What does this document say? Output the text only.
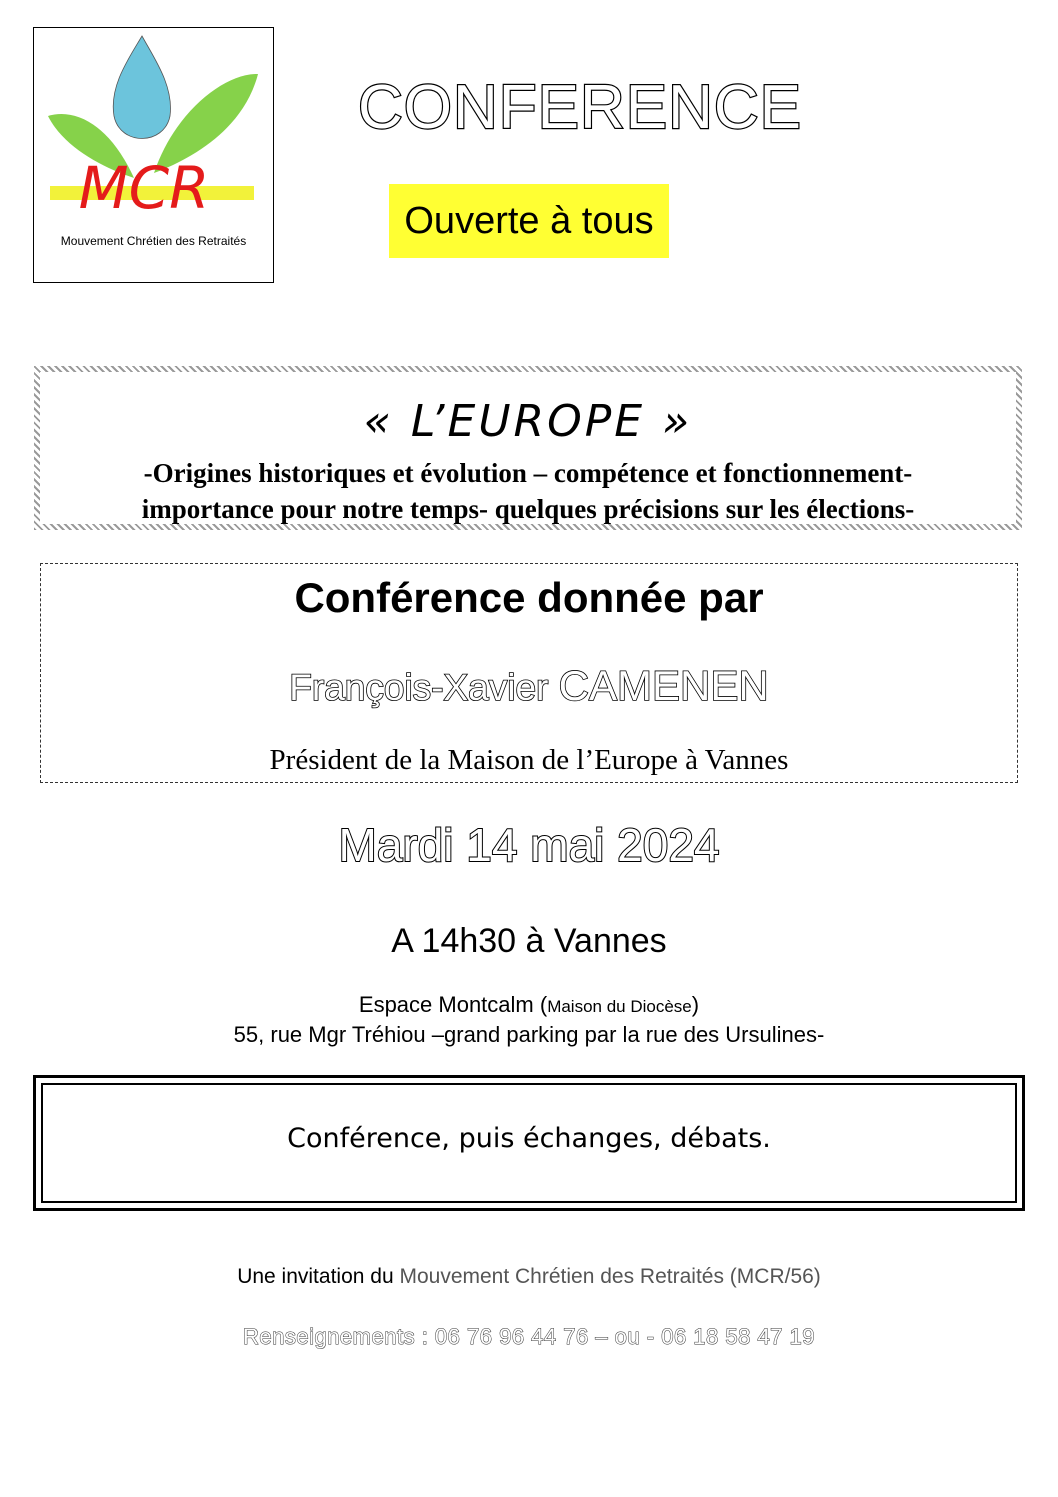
MCR
Mouvement Chrétien des Retraités
CONFERENCE
Ouverte à tous
« L’EUROPE »
-Origines historiques et évolution – compétence et fonctionnement-
importance pour notre temps- quelques précisions sur les élections-
Conférence donnée par
François-Xavier CAMENEN
Président de la Maison de l’Europe à Vannes
Mardi 14 mai 2024
A 14h30 à Vannes
Espace Montcalm (Maison du Diocèse)
55, rue Mgr Tréhiou –grand parking par la rue des Ursulines-
Conférence, puis échanges, débats.
Une invitation du Mouvement Chrétien des Retraités (MCR/56)
Renseignements : 06 76 96 44 76 – ou - 06 18 58 47 19
